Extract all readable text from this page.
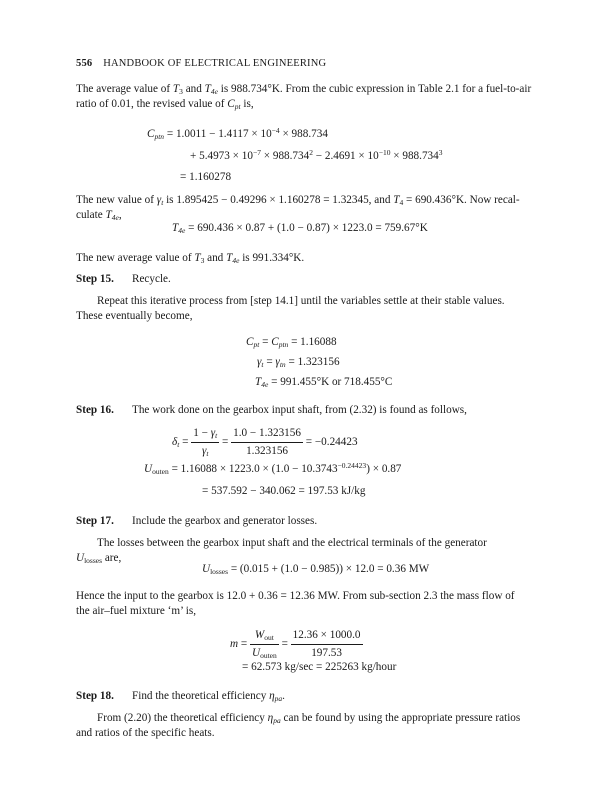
556 HANDBOOK OF ELECTRICAL ENGINEERING
The average value of $T_3$ and $T_{4e}$ is 988.734°K. From the cubic expression in Table 2.1 for a fuel-to-air
ratio of 0.01, the revised value of $C_{pt}$ is,
$C_{ptn} = 1.0011 - 1.4117 \times 10^{-4} \times 988.734$
+ $5.4973 \times 10^{-7} \times 988.734^2 - 2.4691 \times 10^{-10} \times 988.734^3$
= 1.160278
The new value of $\gamma_t$ is 1.895425 − 0.49296 × 1.160278 = 1.32345, and $T_4 = 690.436^\circ K$. Now recal-
culate $T_{4e}$,
$T_{4e} = 690.436 \times 0.87 + (1.0 - 0.87) \times 1223.0 = 759.67^\circ K$
The new average value of $T_3$ and $T_{4e}$ is 991.334°K.
Step 15. Recycle.
Repeat this iterative process from [step 14.1] until the variables settle at their stable values.
These eventually become,
$C_{pt} = C_{ptn} = 1.16088$
$\gamma_t = \gamma_{tn} = 1.323156$
$T_{4e} = 991.455^\circ K$ or 718.455°C
Step 16. The work done on the gearbox input shaft, from (2.32) is found as follows,
$\delta_t = \frac{1 - \gamma_t}{\gamma_t} = \frac{1.0 - 1.323156}{1.323156} = -0.24423$
$U_{outen} = 1.16088 \times 1223.0 \times (1.0 - 10.3743^{-0.24423}) \times 0.87$
= 537.592 − 340.062 = 197.53 kJ/kg
Step 17. Include the gearbox and generator losses.
The losses between the gearbox input shaft and the electrical terminals of the generator
$U_{losses}$ are,
$U_{losses} = (0.015 + (1.0 - 0.985)) \times 12.0 = 0.36$ MW
Hence the input to the gearbox is 12.0 + 0.36 = 12.36 MW. From sub-section 2.3 the mass flow of
the air–fuel mixture ‘m’ is,
$m = \frac{W_{out}}{U_{outen}} = \frac{12.36 \times 1000.0}{197.53}$
= 62.573 kg/sec = 225263 kg/hour
Step 18. Find the theoretical efficiency $\eta_{pa}$.
From (2.20) the theoretical efficiency $\eta_{pa}$ can be found by using the appropriate pressure ratios
and ratios of the specific heats.
